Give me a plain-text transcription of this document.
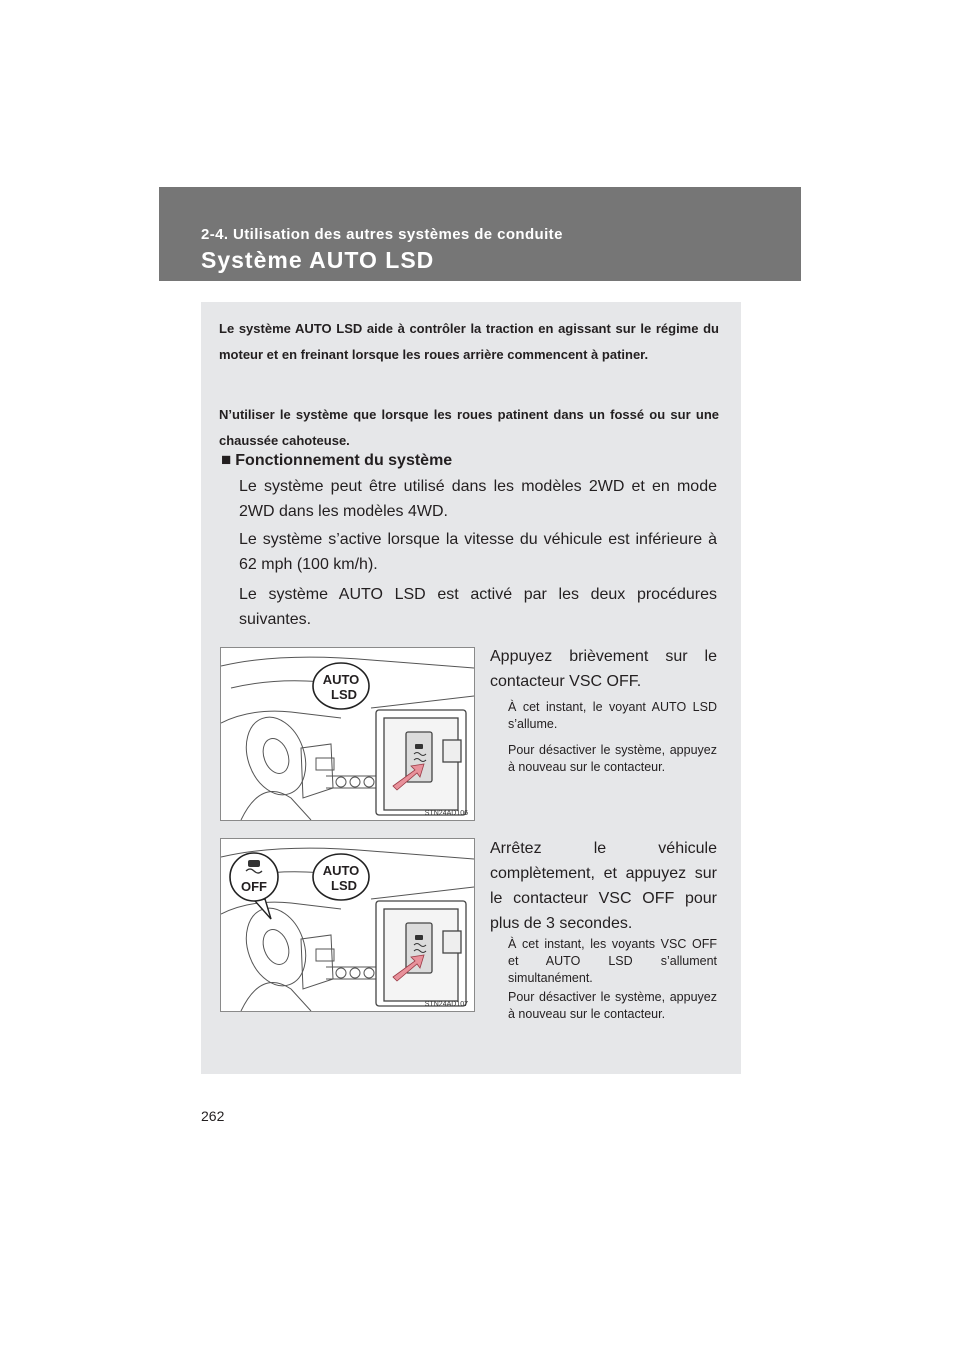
2-4. Utilisation des autres systèmes de conduite
Système AUTO LSD
Le système AUTO LSD aide à contrôler la traction en agissant sur le régime du moteur et en freinant lorsque les roues arrière commencent à patiner.
N’utiliser le système que lorsque les roues patinent dans un fossé ou sur une chaussée cahoteuse.
■ Fonctionnement du système
Le système peut être utilisé dans les modèles 2WD et en mode 2WD dans les modèles 4WD.
Le système s’active lorsque la vitesse du véhicule est inférieure à 62 mph (100 km/h).
Le système AUTO LSD est activé par les deux procédures suivantes.
AUTO
LSD
STN24AD106
Appuyez brièvement sur le contacteur VSC OFF.
À cet instant, le voyant AUTO LSD s’allume.
Pour désactiver le système, appuyez à nouveau sur le contacteur.
OFF
AUTO
LSD
STN24AD107
Arrêtez le véhicule complètement, et appuyez sur le contacteur VSC OFF pour plus de 3 secondes.
À cet instant, les voyants VSC OFF et AUTO LSD s’allument simultanément.
Pour désactiver le système, appuyez à nouveau sur le contacteur.
262
